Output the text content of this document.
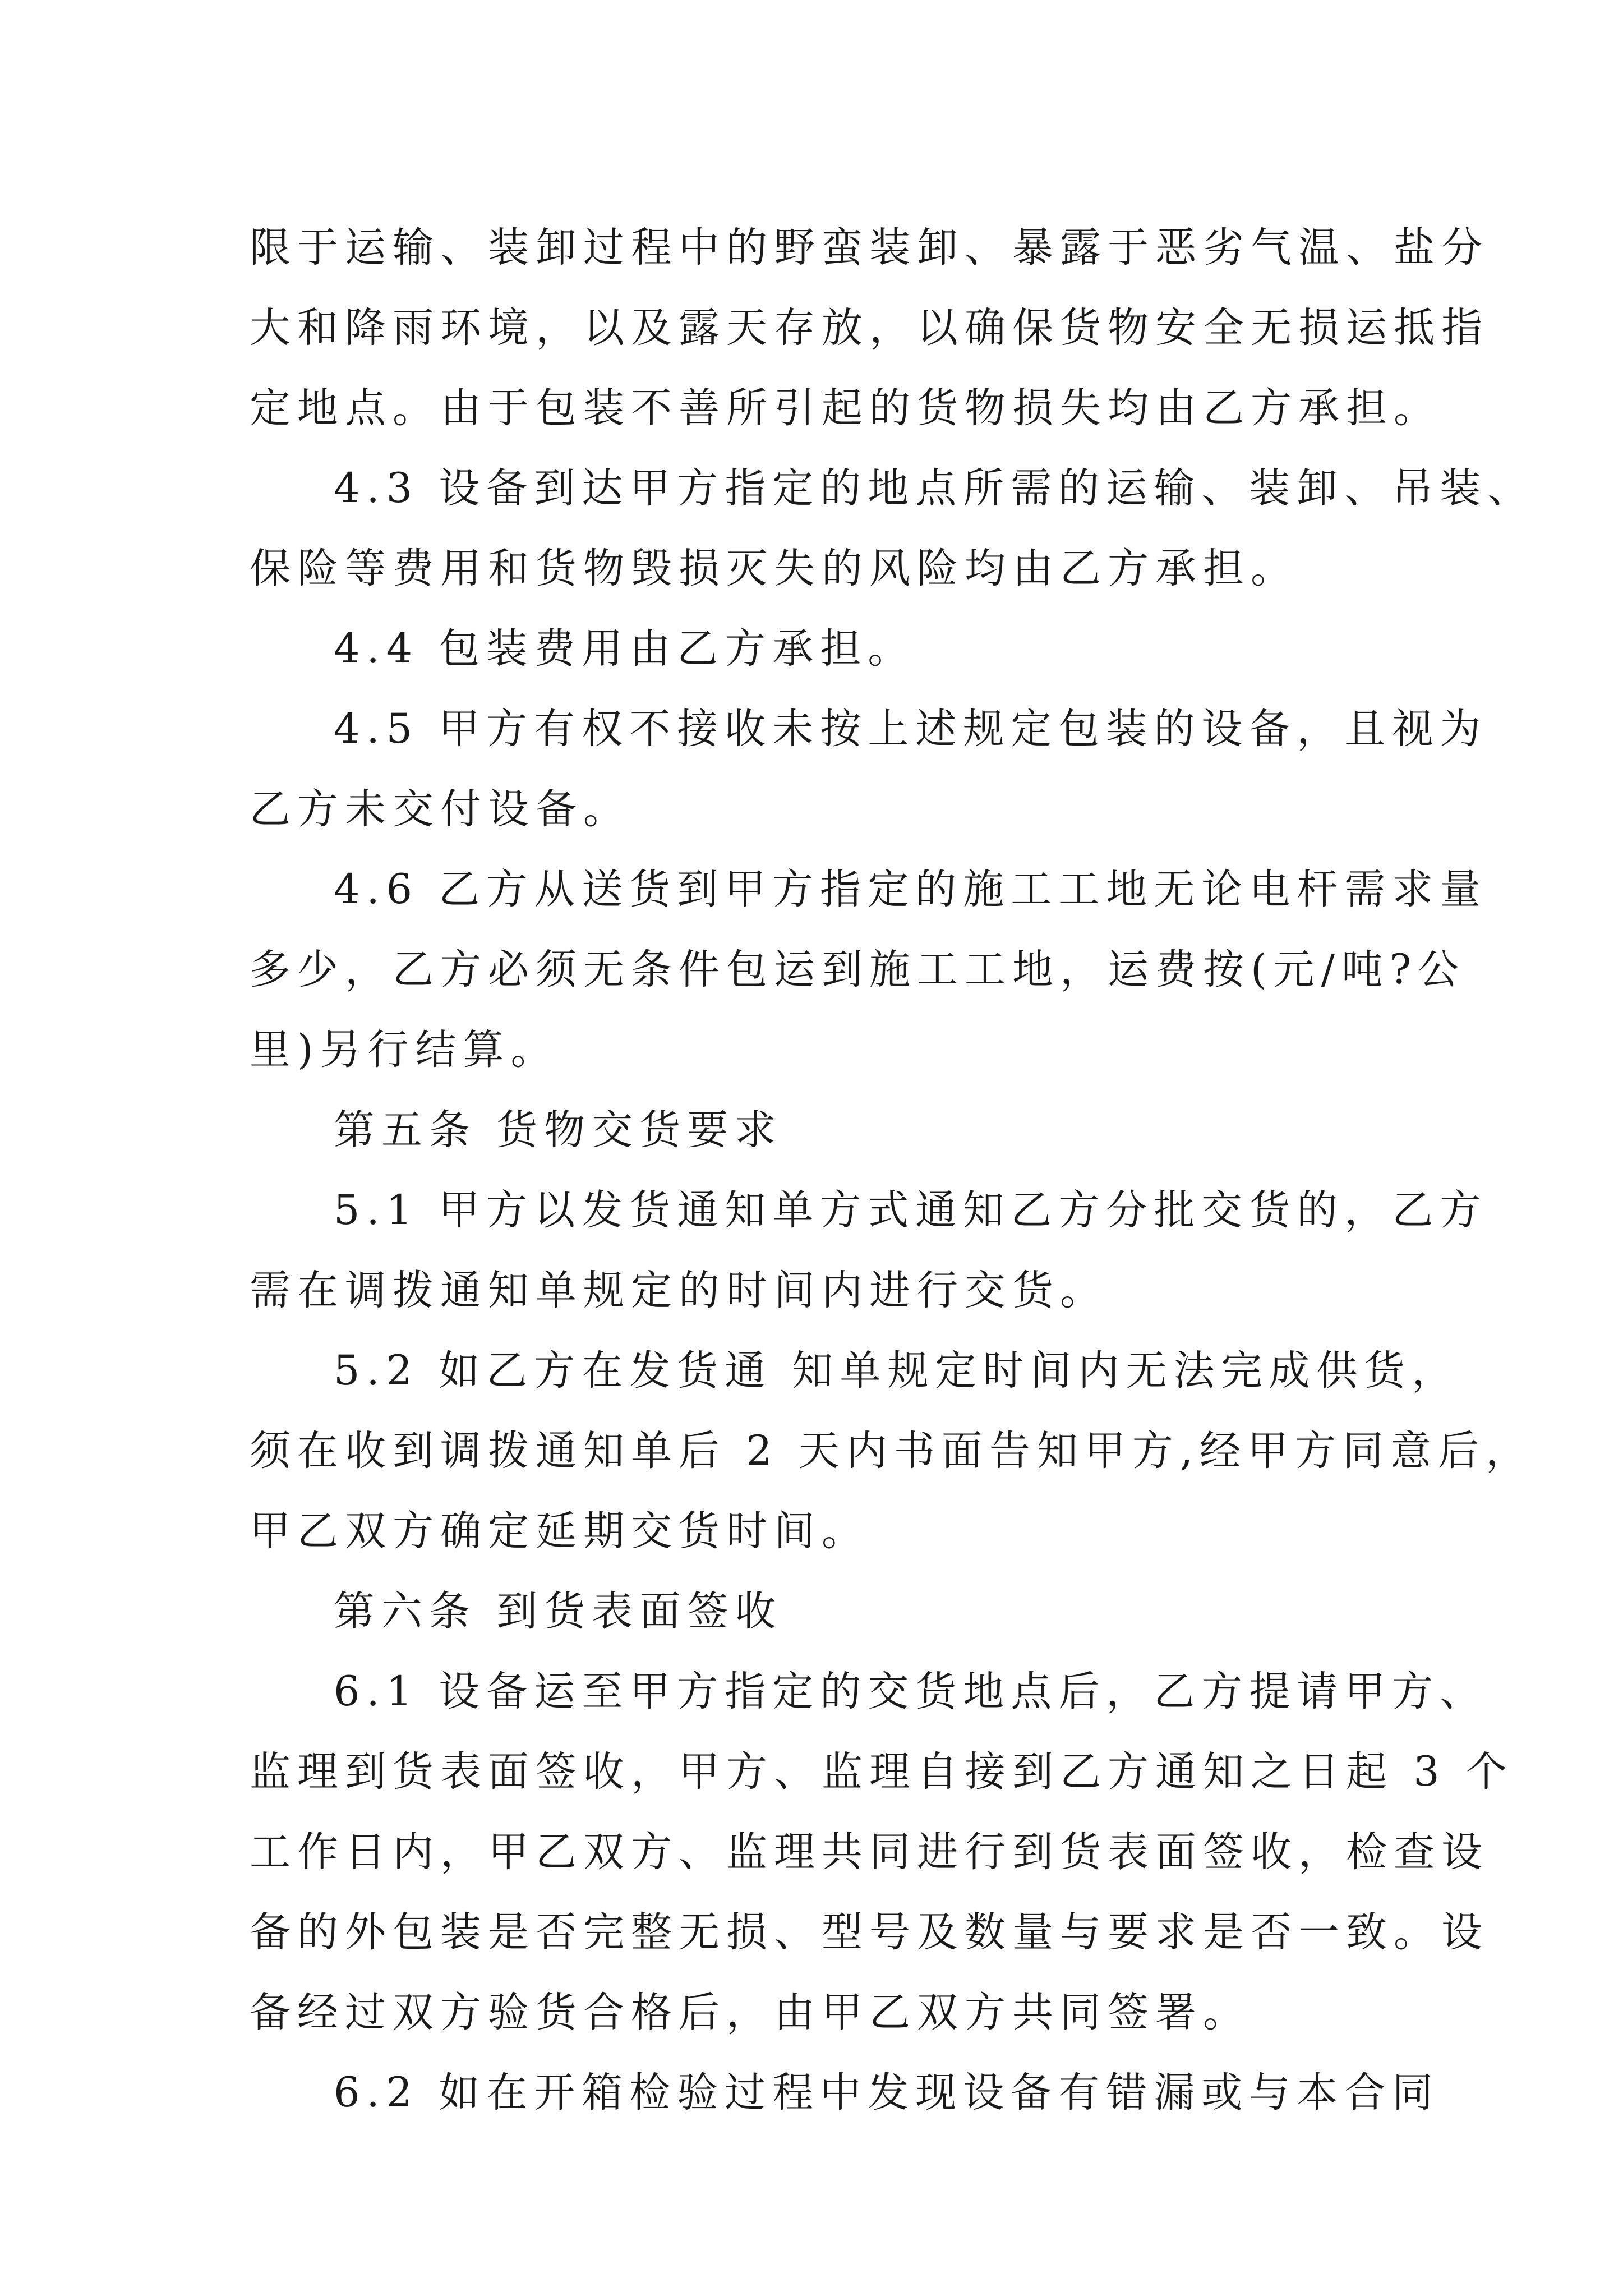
限于运输、装卸过程中的野蛮装卸、暴露于恶劣气温、盐分
大和降雨环境，以及露天存放，以确保货物安全无损运抵指
定地点。由于包装不善所引起的货物损失均由乙方承担。
4.3 设备到达甲方指定的地点所需的运输、装卸、吊装、
保险等费用和货物毁损灭失的风险均由乙方承担。
4.4 包装费用由乙方承担。
4.5 甲方有权不接收未按上述规定包装的设备，且视为
乙方未交付设备。
4.6 乙方从送货到甲方指定的施工工地无论电杆需求量
多少，乙方必须无条件包运到施工工地，运费按(元/吨?公
里)另行结算。
第五条 货物交货要求
5.1 甲方以发货通知单方式通知乙方分批交货的，乙方
需在调拨通知单规定的时间内进行交货。
5.2 如乙方在发货通 知单规定时间内无法完成供货，
须在收到调拨通知单后 2 天内书面告知甲方,经甲方同意后，
甲乙双方确定延期交货时间。
第六条 到货表面签收
6.1 设备运至甲方指定的交货地点后，乙方提请甲方、
监理到货表面签收，甲方、监理自接到乙方通知之日起 3 个
工作日内，甲乙双方、监理共同进行到货表面签收，检查设
备的外包装是否完整无损、型号及数量与要求是否一致。设
备经过双方验货合格后，由甲乙双方共同签署。
6.2 如在开箱检验过程中发现设备有错漏或与本合同
